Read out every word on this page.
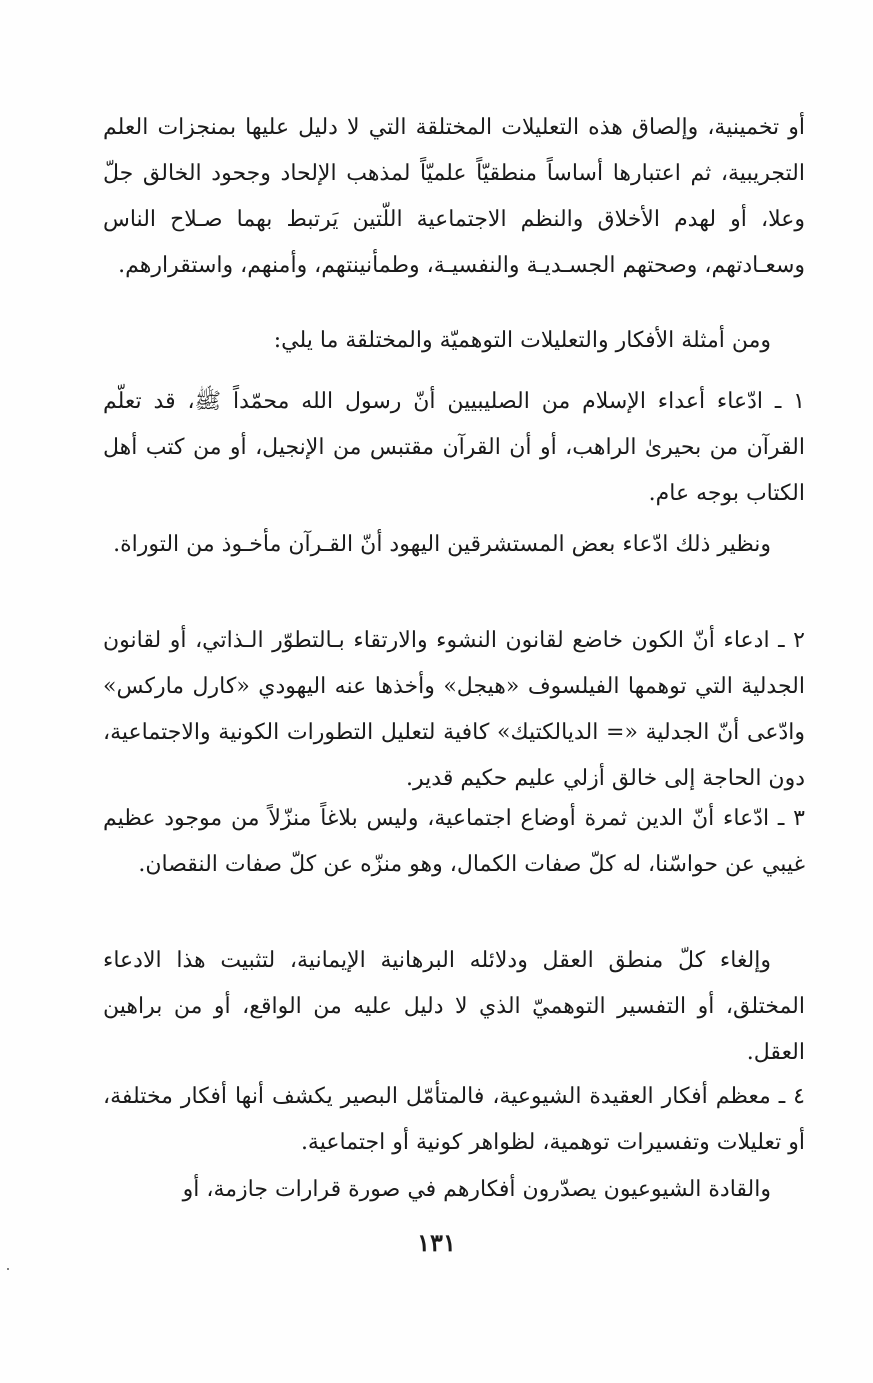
أو تخمينية، وإلصاق هذه التعليلات المختلقة التي لا دليل عليها بمنجزات العلم التجريبية، ثم اعتبارها أساساً منطقيّاً علميّاً لمذهب الإلحاد وجحود الخالق جلّ وعلا، أو لهدم الأخلاق والنظم الاجتماعية اللّتين يَرتبط بهما صـلاح الناس وسعـادتهم، وصحتهم الجسـديـة والنفسيـة، وطمأنينتهم، وأمنهم، واستقرارهم.

ومن أمثلة الأفكار والتعليلات التوهميّة والمختلقة ما يلي:

١ ـ ادّعاء أعداء الإسلام من الصليبيين أنّ رسول الله محمّداً ﷺ، قد تعلّم القرآن من بحيرىٰ الراهب، أو أن القرآن مقتبس من الإنجيل، أو من كتب أهل الكتاب بوجه عام.

ونظير ذلك ادّعاء بعض المستشرقين اليهود أنّ القـرآن مأخـوذ من التوراة.

٢ ـ ادعاء أنّ الكون خاضع لقانون النشوء والارتقاء بـالتطوّر الـذاتي، أو لقانون الجدلية التي توهمها الفيلسوف «هيجل» وأخذها عنه اليهودي «كارل ماركس» وادّعى أنّ الجدلية «= الديالكتيك» كافية لتعليل التطورات الكونية والاجتماعية، دون الحاجة إلى خالق أزلي عليم حكيم قدير.

٣ ـ ادّعاء أنّ الدين ثمرة أوضاع اجتماعية، وليس بلاغاً منزّلاً من موجود عظيم غيبي عن حواسّنا، له كلّ صفات الكمال، وهو منزّه عن كلّ صفات النقصان.

وإلغاء كلّ منطق العقل ودلائله البرهانية الإيمانية، لتثبيت هذا الادعاء المختلق، أو التفسير التوهميّ الذي لا دليل عليه من الواقع، أو من براهين العقل.

٤ ـ معظم أفكار العقيدة الشيوعية، فالمتأمّل البصير يكشف أنها أفكار مختلفة، أو تعليلات وتفسيرات توهمية، لظواهر كونية أو اجتماعية.

والقادة الشيوعيون يصدّرون أفكارهم في صورة قرارات جازمة، أو

١٣١
